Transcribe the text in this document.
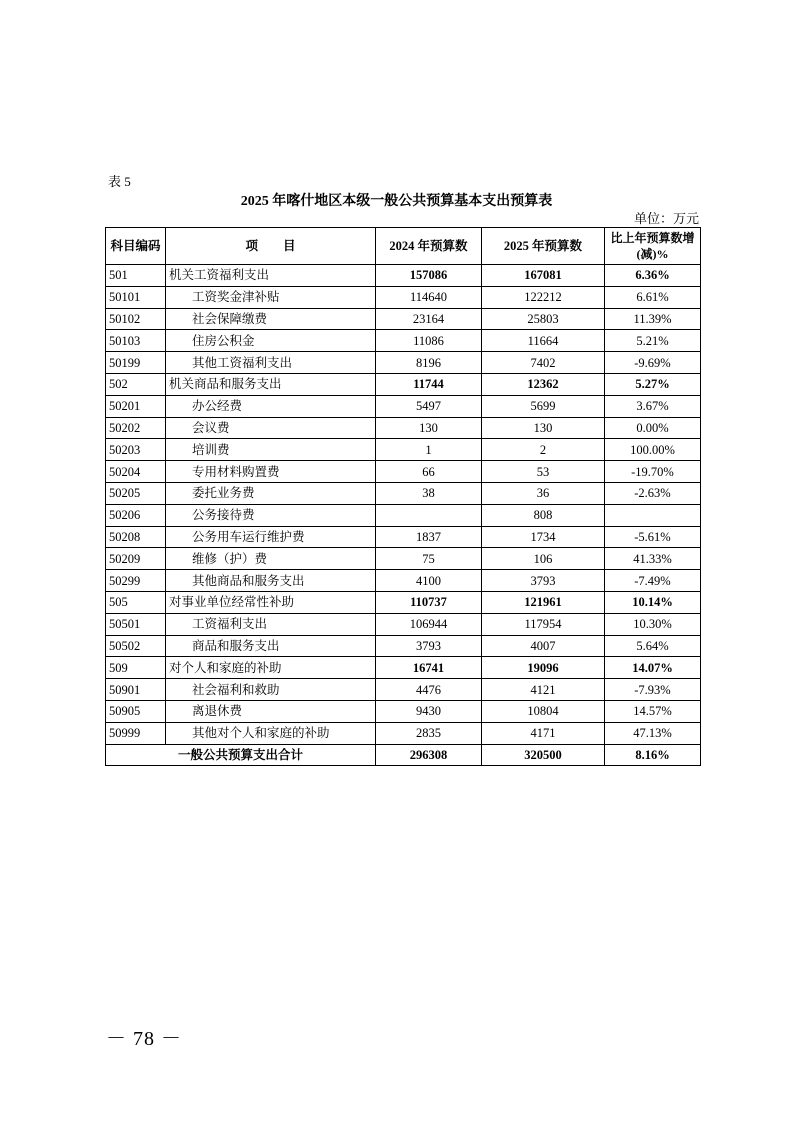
表 5
2025 年喀什地区本级一般公共预算基本支出预算表
单位：万元
科目编码	项　　目	2024 年预算数	2025 年预算数	比上年预算数增(减)%
501	机关工资福利支出	157086	167081	6.36%
50101	工资奖金津补贴	114640	122212	6.61%
50102	社会保障缴费	23164	25803	11.39%
50103	住房公积金	11086	11664	5.21%
50199	其他工资福利支出	8196	7402	-9.69%
502	机关商品和服务支出	11744	12362	5.27%
50201	办公经费	5497	5699	3.67%
50202	会议费	130	130	0.00%
50203	培训费	1	2	100.00%
50204	专用材料购置费	66	53	-19.70%
50205	委托业务费	38	36	-2.63%
50206	公务接待费		808	
50208	公务用车运行维护费	1837	1734	-5.61%
50209	维修（护）费	75	106	41.33%
50299	其他商品和服务支出	4100	3793	-7.49%
505	对事业单位经常性补助	110737	121961	10.14%
50501	工资福利支出	106944	117954	10.30%
50502	商品和服务支出	3793	4007	5.64%
509	对个人和家庭的补助	16741	19096	14.07%
50901	社会福利和救助	4476	4121	-7.93%
50905	离退休费	9430	10804	14.57%
50999	其他对个人和家庭的补助	2835	4171	47.13%
一般公共预算支出合计		296308	320500	8.16%
－ 78 －
